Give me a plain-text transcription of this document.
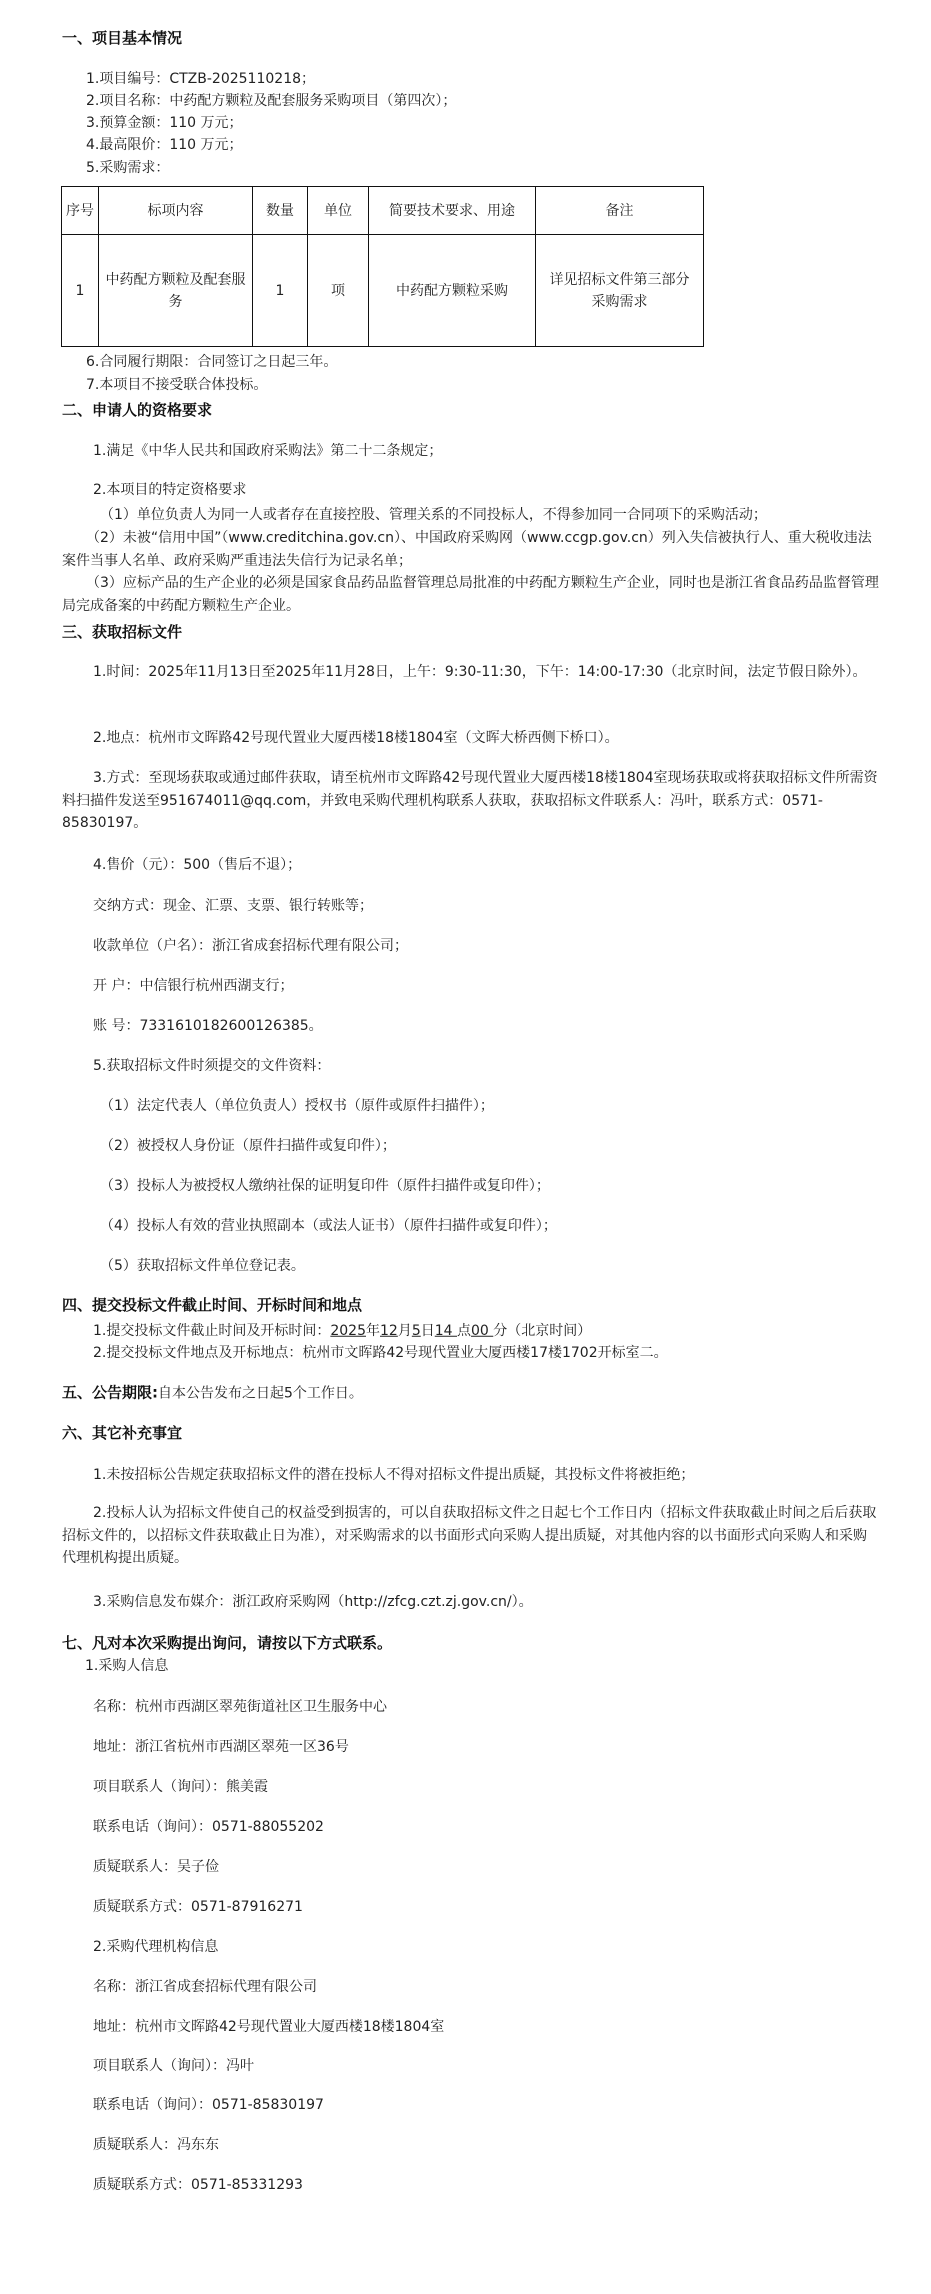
一、项目基本情况
1.项目编号：CTZB-2025110218；
2.项目名称：中药配方颗粒及配套服务采购项目（第四次）；
3.预算金额：110 万元；
4.最高限价：110 万元；
5.采购需求：
序号	标项内容	数量	单位	简要技术要求、用途	备注
1	中药配方颗粒及配套服务	1	项	中药配方颗粒采购	详见招标文件第三部分 采购需求
6.合同履行期限：合同签订之日起三年。
7.本项目不接受联合体投标。
二、申请人的资格要求
1.满足《中华人民共和国政府采购法》第二十二条规定；
2.本项目的特定资格要求
（1）单位负责人为同一人或者存在直接控股、管理关系的不同投标人，不得参加同一合同项下的采购活动；
（2）未被“信用中国”（www.creditchina.gov.cn）、中国政府采购网（www.ccgp.gov.cn）列入失信被执行人、重大税收违法案件当事人名单、政府采购严重违法失信行为记录名单；
（3）应标产品的生产企业的必须是国家食品药品监督管理总局批准的中药配方颗粒生产企业，同时也是浙江省食品药品监督管理局完成备案的中药配方颗粒生产企业。
三、获取招标文件
1.时间：2025年11月13日至2025年11月28日，上午：9:30-11:30，下午：14:00-17:30（北京时间，法定节假日除外）。
2.地点：杭州市文晖路42号现代置业大厦西楼18楼1804室（文晖大桥西侧下桥口）。
3.方式：至现场获取或通过邮件获取，请至杭州市文晖路42号现代置业大厦西楼18楼1804室现场获取或将获取招标文件所需资料扫描件发送至951674011@qq.com，并致电采购代理机构联系人获取，获取招标文件联系人：冯叶，联系方式：0571-85830197。
4.售价（元）：500（售后不退）；
交纳方式：现金、汇票、支票、银行转账等；
收款单位（户名）：浙江省成套招标代理有限公司；
开 户：中信银行杭州西湖支行；
账 号：7331610182600126385。
5.获取招标文件时须提交的文件资料：
（1）法定代表人（单位负责人）授权书（原件或原件扫描件）；
（2）被授权人身份证（原件扫描件或复印件）；
（3）投标人为被授权人缴纳社保的证明复印件（原件扫描件或复印件）；
（4）投标人有效的营业执照副本（或法人证书）（原件扫描件或复印件）；
（5）获取招标文件单位登记表。
四、提交投标文件截止时间、开标时间和地点
1.提交投标文件截止时间及开标时间：2025年12月5日14 点00 分（北京时间）
2.提交投标文件地点及开标地点：杭州市文晖路42号现代置业大厦西楼17楼1702开标室二。
五、公告期限:自本公告发布之日起5个工作日。
六、其它补充事宜
1.未按招标公告规定获取招标文件的潜在投标人不得对招标文件提出质疑，其投标文件将被拒绝；
2.投标人认为招标文件使自己的权益受到损害的，可以自获取招标文件之日起七个工作日内（招标文件获取截止时间之后后获取招标文件的，以招标文件获取截止日为准），对采购需求的以书面形式向采购人提出质疑，对其他内容的以书面形式向采购人和采购代理机构提出质疑。
3.采购信息发布媒介：浙江政府采购网（http://zfcg.czt.zj.gov.cn/）。
七、凡对本次采购提出询问，请按以下方式联系。
1.采购人信息
名称：杭州市西湖区翠苑街道社区卫生服务中心
地址：浙江省杭州市西湖区翠苑一区36号
项目联系人（询问）：熊美霞
联系电话（询问）：0571-88055202
质疑联系人：吴子俭
质疑联系方式：0571-87916271
2.采购代理机构信息
名称：浙江省成套招标代理有限公司
地址：杭州市文晖路42号现代置业大厦西楼18楼1804室
项目联系人（询问）：冯叶
联系电话（询问）：0571-85830197
质疑联系人：冯东东
质疑联系方式：0571-85331293
